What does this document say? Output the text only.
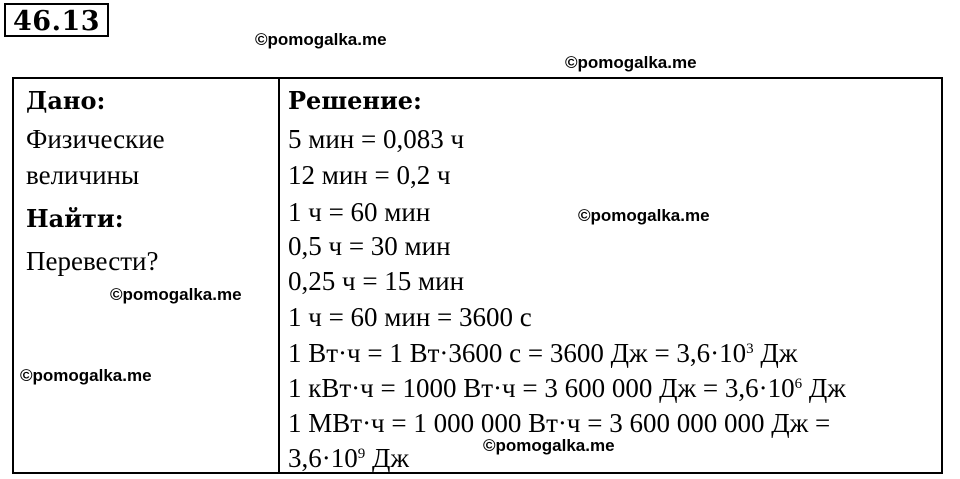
46.13
©pomogalka.me
©pomogalka.me
Дано:
Физические
величины
Найти:
Перевести?
Решение:
5 мин = 0,083 ч
12 мин = 0,2 ч
1 ч = 60 мин
0,5 ч = 30 мин
0,25 ч = 15 мин
1 ч = 60 мин = 3600 с
1 Вт·ч = 1 Вт·3600 с = 3600 Дж = $3,6\cdot 10^3$ Дж
1 кВт·ч = 1000 Вт·ч = 3 600 000 Дж = $3,6\cdot 10^6$ Дж
1 МВт·ч = 1 000 000 Вт·ч = 3 600 000 000 Дж =
$3,6\cdot 10^9$ Дж
©pomogalka.me
©pomogalka.me
©pomogalka.me
©pomogalka.me
